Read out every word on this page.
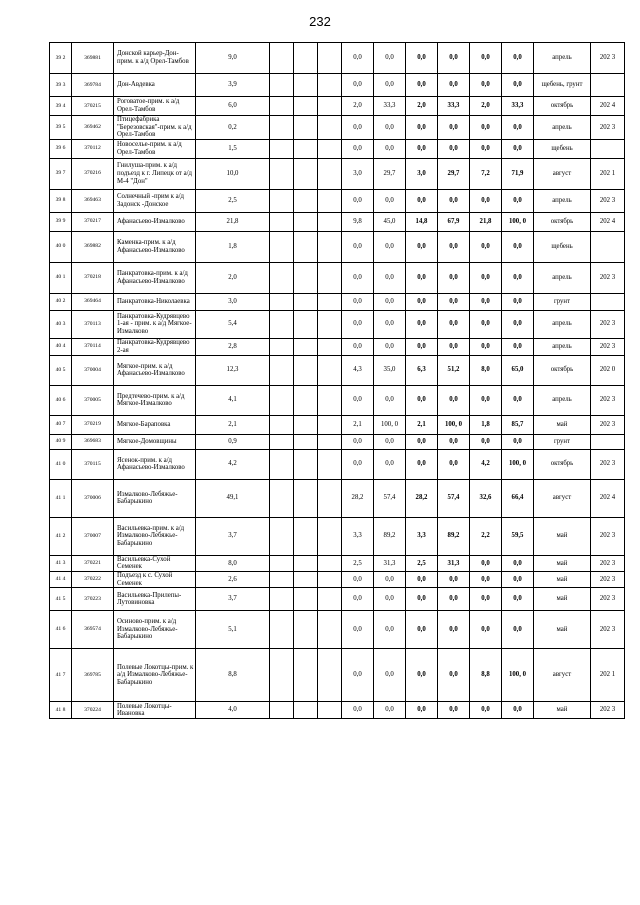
232
39 2	369881	Донской карьер-Дон-прим. к а/д Орел-Тамбов	9,0				0,0	0,0	0,0	0,0	0,0	0,0	апрель	202 3
39 3	369784	Дон-Авдевка	3,9				0,0	0,0	0,0	0,0	0,0	0,0	щебень, грунт	
39 4	370215	Роговатое-прим. к а/д Орел-Тамбов	6,0				2,0	33,3	2,0	33,3	2,0	33,3	октябрь	202 4
39 5	369462	Птицефабрика "Березовская"-прим. к а/д Орел-Тамбов	0,2				0,0	0,0	0,0	0,0	0,0	0,0	апрель	202 3
39 6	370112	Новоселье-прим. к а/д Орел-Тамбов	1,5				0,0	0,0	0,0	0,0	0,0	0,0	щебень	
39 7	370216	Гнилуша-прим. к а/д подъезд к г. Липецк от а/д М-4 "Дон"	10,0				3,0	29,7	3,0	29,7	7,2	71,9	август	202 1
39 8	369463	Солнечный -прим к а/д Задонск -Донское	2,5				0,0	0,0	0,0	0,0	0,0	0,0	апрель	202 3
39 9	370217	Афанасьево-Измалково	21,8				9,8	45,0	14,8	67,9	21,8	100, 0	октябрь	202 4
40 0	369882	Каменка-прим. к а/д Афанасьево-Измалково	1,8				0,0	0,0	0,0	0,0	0,0	0,0	щебень	
40 1	370218	Панкратовка-прим. к а/д Афанасьево-Измалково	2,0				0,0	0,0	0,0	0,0	0,0	0,0	апрель	202 3
40 2	369464	Панкратовка-Николаевка	3,0				0,0	0,0	0,0	0,0	0,0	0,0	грунт	
40 3	370113	Панкратовка-Кудрявцево 1-ая - прим. к а/д Мягкое-Измалково	5,4				0,0	0,0	0,0	0,0	0,0	0,0	апрель	202 3
40 4	370114	Панкратовка-Кудрявцево 2-ая	2,8				0,0	0,0	0,0	0,0	0,0	0,0	апрель	202 3
40 5	370004	Мягкое-прим. к а/д Афанасьево-Измалково	12,3				4,3	35,0	6,3	51,2	8,0	65,0	октябрь	202 0
40 6	370005	Предтечево-прим. к а/д Мягкое-Измалково	4,1				0,0	0,0	0,0	0,0	0,0	0,0	апрель	202 3
40 7	370219	Мягкое-Бараповка	2,1				2,1	100, 0	2,1	100, 0	1,8	85,7	май	202 3
40 9	369683	Мягкое-Домовщины	0,9				0,0	0,0	0,0	0,0	0,0	0,0	грунт	
41 0	370115	Ясенок-прим. к а/д Афанасьево-Измалково	4,2				0,0	0,0	0,0	0,0	4,2	100, 0	октябрь	202 3
41 1	370006	Измалково-Лебяжье-Бабарыкино	49,1				28,2	57,4	28,2	57,4	32,6	66,4	август	202 4
41 2	370007	Васильевка-прим. к а/д Измалково-Лебяжье-Бабарыкино	3,7				3,3	89,2	3,3	89,2	2,2	59,5	май	202 3
41 3	370221	Васильевка-Сухой Семенек	8,0				2,5	31,3	2,5	31,3	0,0	0,0	май	202 3
41 4	370222	Подъезд к с. Сухой Семенек	2,6				0,0	0,0	0,0	0,0	0,0	0,0	май	202 3
41 5	370223	Васильевка-Прилепы-Лутовиновка	3,7				0,0	0,0	0,0	0,0	0,0	0,0	май	202 3
41 6	369574	Осиново-прим. к а/д Измалково-Лебяжье-Бабарыкино	5,1				0,0	0,0	0,0	0,0	0,0	0,0	май	202 3
41 7	369785	Полевые Локотцы-прим. к а/д Измалково-Лебяжье-Бабарыкино	8,8				0,0	0,0	0,0	0,0	8,8	100, 0	август	202 1
41 8	370224	Полевые Локотцы-Ивановка	4,0				0,0	0,0	0,0	0,0	0,0	0,0	май	202 3
